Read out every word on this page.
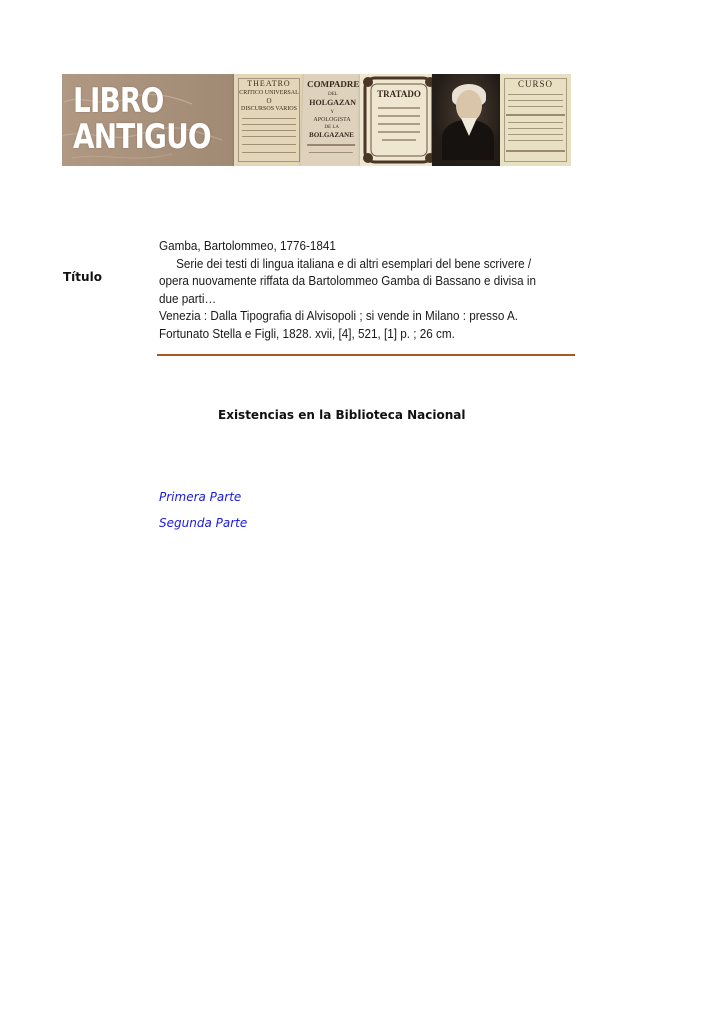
LIBRO
ANTIGUO
THEATRO
CRITICO UNIVERSAL
O
DISCURSOS VARIOS
COMPADRE
DEL
HOLGAZAN
Y
APOLOGISTA
DE LA
BOLGAZANE
TRATADO
CURSO
Título

Gamba, Bartolommeo, 1776-1841

Serie dei testi di lingua italiana e di altri esemplari del bene scrivere / opera nuovamente riffata da Bartolommeo Gamba di Bassano e divisa in due parti…

Venezia : Dalla Tipografia di Alvisopoli ; si vende in Milano : presso A. Fortunato Stella e Figli, 1828. xvii, [4], 521, [1] p. ; 26 cm.

Existencias en la Biblioteca Nacional
Primera Parte
Segunda Parte
